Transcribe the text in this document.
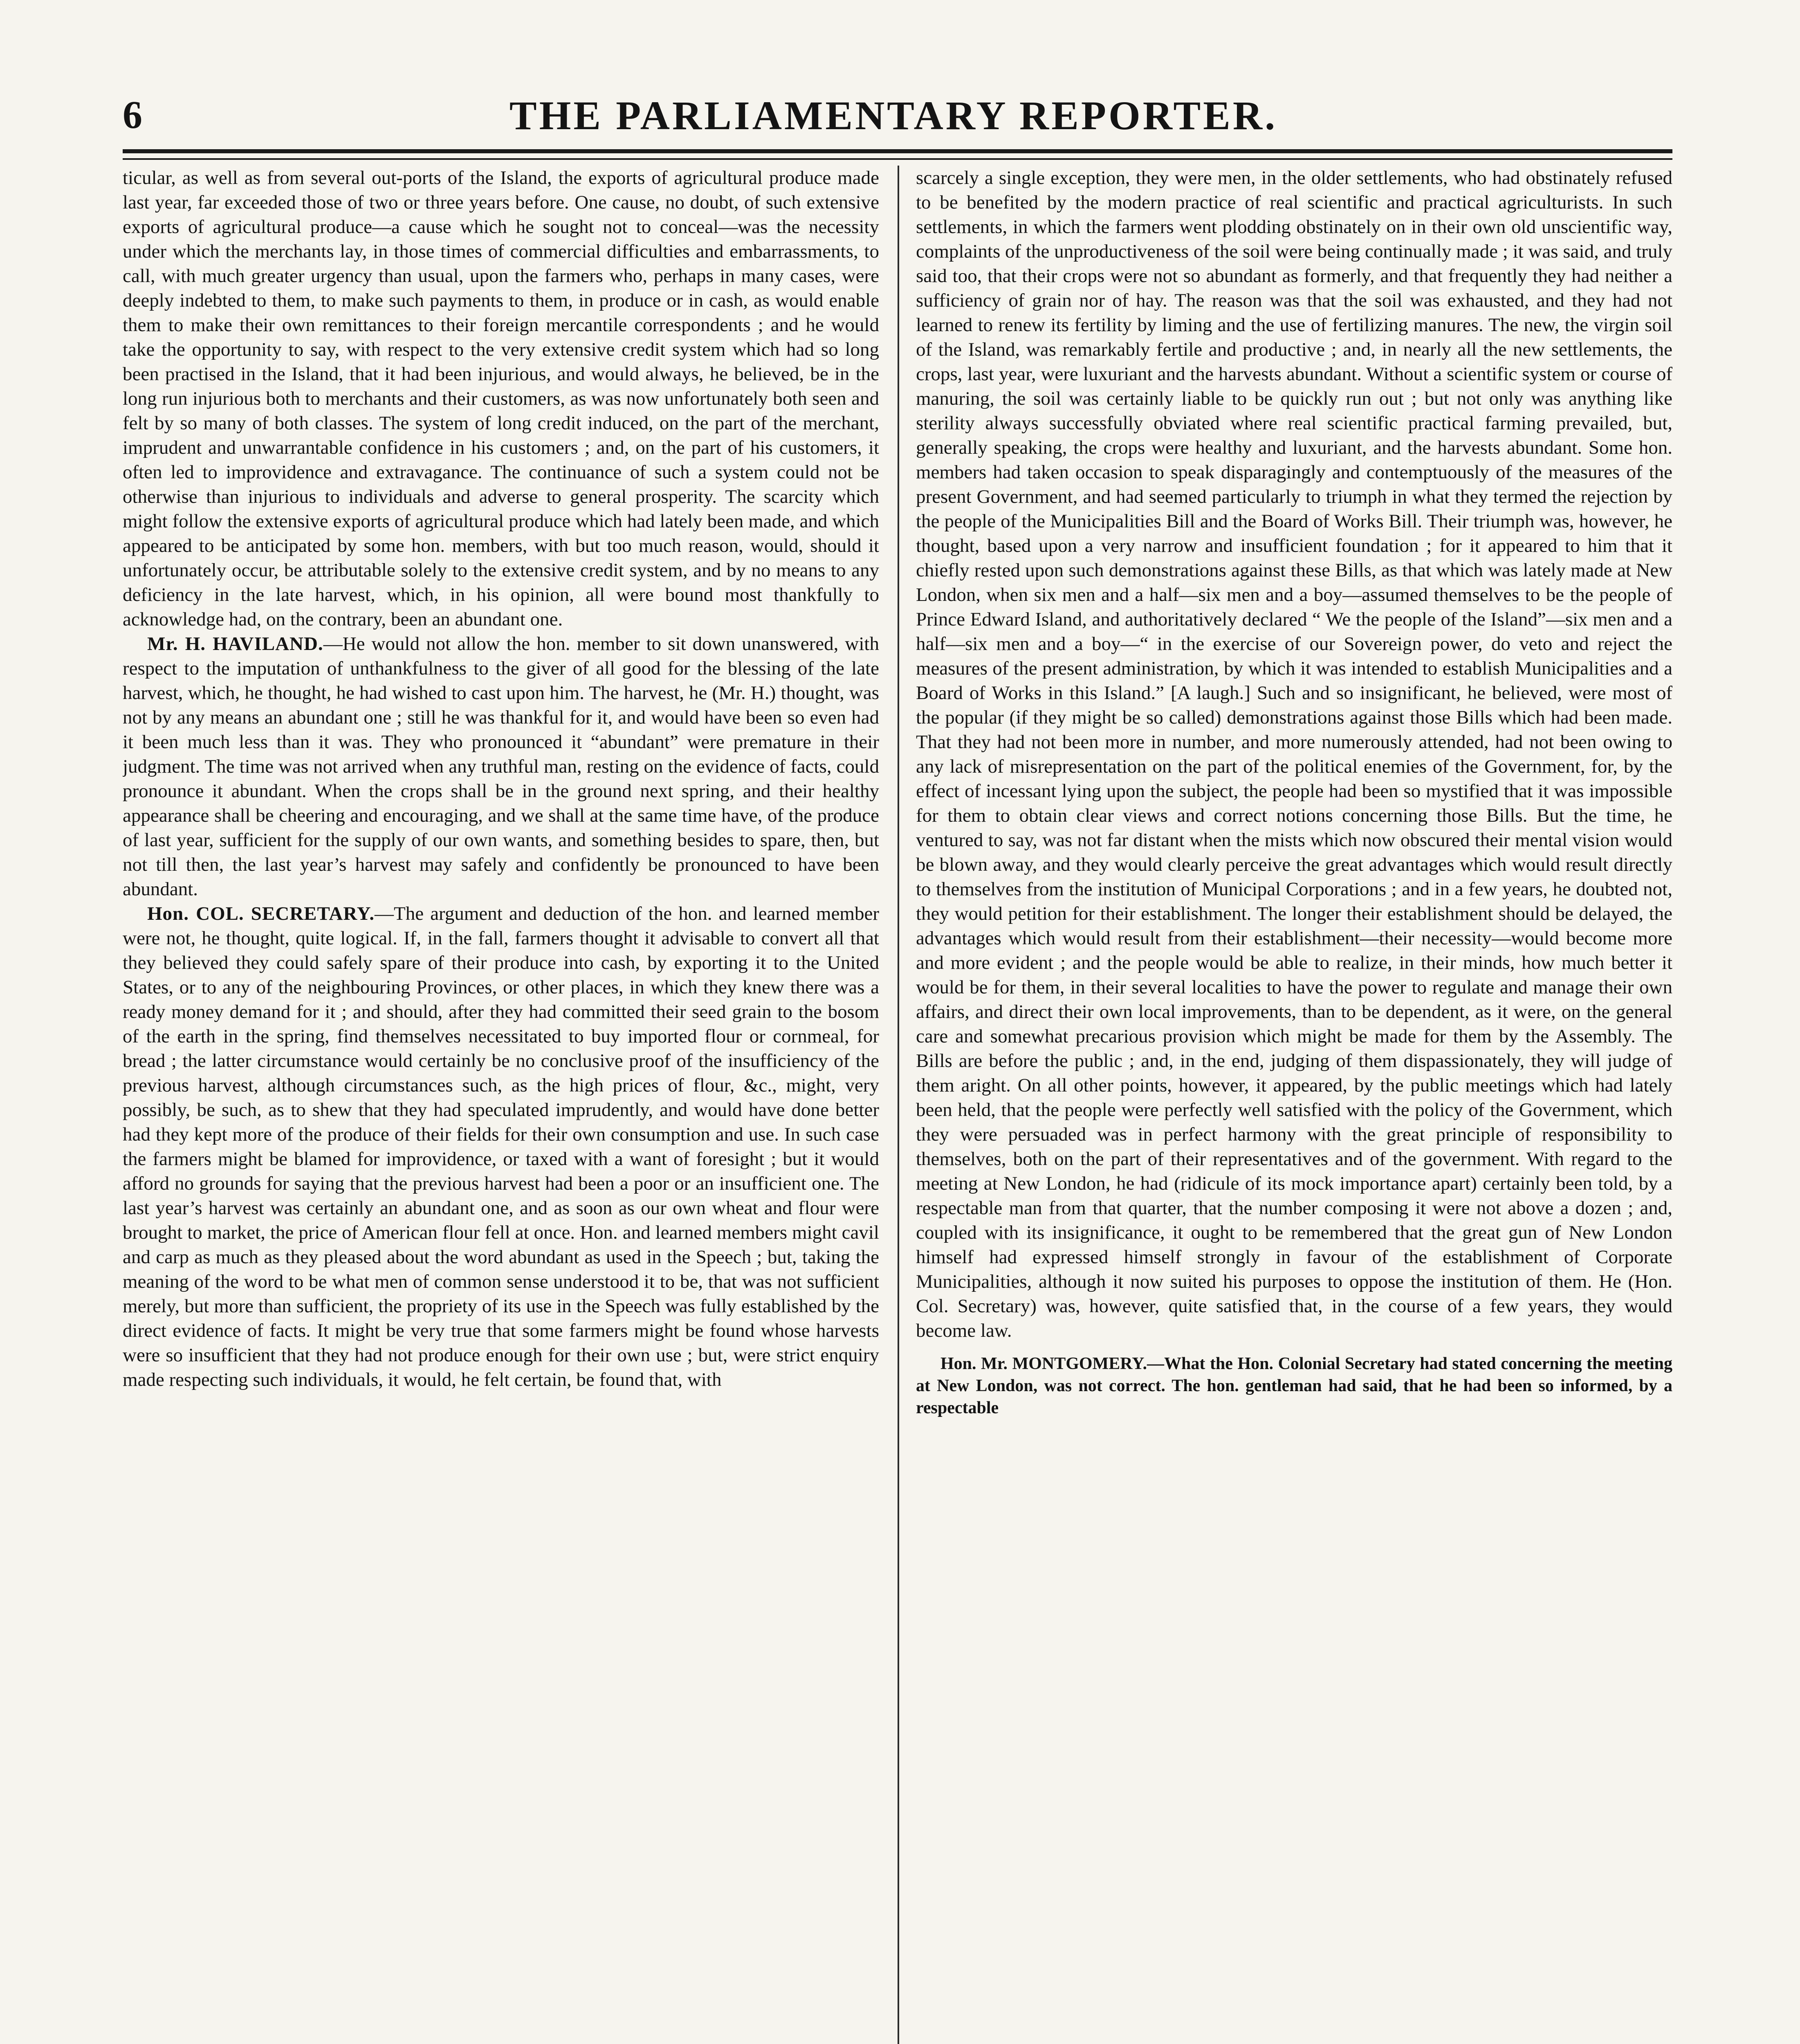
6	THE PARLIAMENTARY REPORTER.

ticular, as well as from several out-ports of the Island, the exports of agricultural produce made last year, far exceeded those of two or three years before. One cause, no doubt, of such extensive exports of agricultural produce—a cause which he sought not to conceal—was the necessity under which the merchants lay, in those times of commercial difficulties and embarrassments, to call, with much greater urgency than usual, upon the farmers who, perhaps in many cases, were deeply indebted to them, to make such payments to them, in produce or in cash, as would enable them to make their own remittances to their foreign mercantile correspondents ; and he would take the opportunity to say, with respect to the very extensive credit system which had so long been practised in the Island, that it had been injurious, and would always, he believed, be in the long run injurious both to merchants and their customers, as was now unfortunately both seen and felt by so many of both classes. The system of long credit induced, on the part of the merchant, imprudent and unwarrantable confidence in his customers ; and, on the part of his customers, it often led to improvidence and extravagance. The continuance of such a system could not be otherwise than injurious to individuals and adverse to general prosperity. The scarcity which might follow the extensive exports of agricultural produce which had lately been made, and which appeared to be anticipated by some hon. members, with but too much reason, would, should it unfortunately occur, be attributable solely to the extensive credit system, and by no means to any deficiency in the late harvest, which, in his opinion, all were bound most thankfully to acknowledge had, on the contrary, been an abundant one.

Mr. H. HAVILAND.—He would not allow the hon. member to sit down unanswered, with respect to the imputation of unthankfulness to the giver of all good for the blessing of the late harvest, which, he thought, he had wished to cast upon him. The harvest, he (Mr. H.) thought, was not by any means an abundant one ; still he was thankful for it, and would have been so even had it been much less than it was. They who pronounced it “abundant” were premature in their judgment. The time was not arrived when any truthful man, resting on the evidence of facts, could pronounce it abundant. When the crops shall be in the ground next spring, and their healthy appearance shall be cheering and encouraging, and we shall at the same time have, of the produce of last year, sufficient for the supply of our own wants, and something besides to spare, then, but not till then, the last year’s harvest may safely and confidently be pronounced to have been abundant.

Hon. COL. SECRETARY.—The argument and deduction of the hon. and learned member were not, he thought, quite logical. If, in the fall, farmers thought it advisable to convert all that they believed they could safely spare of their produce into cash, by exporting it to the United States, or to any of the neighbouring Provinces, or other places, in which they knew there was a ready money demand for it ; and should, after they had committed their seed grain to the bosom of the earth in the spring, find themselves necessitated to buy imported flour or cornmeal, for bread ; the latter circumstance would certainly be no conclusive proof of the insufficiency of the previous harvest, although circumstances such, as the high prices of flour, &c., might, very possibly, be such, as to shew that they had speculated imprudently, and would have done better had they kept more of the produce of their fields for their own consumption and use. In such case the farmers might be blamed for improvidence, or taxed with a want of foresight ; but it would afford no grounds for saying that the previous harvest had been a poor or an insufficient one. The last year’s harvest was certainly an abundant one, and as soon as our own wheat and flour were brought to market, the price of American flour fell at once. Hon. and learned members might cavil and carp as much as they pleased about the word abundant as used in the Speech ; but, taking the meaning of the word to be what men of common sense understood it to be, that was not sufficient merely, but more than sufficient, the propriety of its use in the Speech was fully established by the direct evidence of facts. It might be very true that some farmers might be found whose harvests were so insufficient that they had not produce enough for their own use ; but, were strict enquiry made respecting such individuals, it would, he felt certain, be found that, with

scarcely a single exception, they were men, in the older settlements, who had obstinately refused to be benefited by the modern practice of real scientific and practical agriculturists. In such settlements, in which the farmers went plodding obstinately on in their own old unscientific way, complaints of the unproductiveness of the soil were being continually made ; it was said, and truly said too, that their crops were not so abundant as formerly, and that frequently they had neither a sufficiency of grain nor of hay. The reason was that the soil was exhausted, and they had not learned to renew its fertility by liming and the use of fertilizing manures. The new, the virgin soil of the Island, was remarkably fertile and productive ; and, in nearly all the new settlements, the crops, last year, were luxuriant and the harvests abundant. Without a scientific system or course of manuring, the soil was certainly liable to be quickly run out ; but not only was anything like sterility always successfully obviated where real scientific practical farming prevailed, but, generally speaking, the crops were healthy and luxuriant, and the harvests abundant. Some hon. members had taken occasion to speak disparagingly and contemptuously of the measures of the present Government, and had seemed particularly to triumph in what they termed the rejection by the people of the Municipalities Bill and the Board of Works Bill. Their triumph was, however, he thought, based upon a very narrow and insufficient foundation ; for it appeared to him that it chiefly rested upon such demonstrations against these Bills, as that which was lately made at New London, when six men and a half—six men and a boy—assumed themselves to be the people of Prince Edward Island, and authoritatively declared “ We the people of the Island”—six men and a half—six men and a boy—“ in the exercise of our Sovereign power, do veto and reject the measures of the present administration, by which it was intended to establish Municipalities and a Board of Works in this Island.” [A laugh.] Such and so insignificant, he believed, were most of the popular (if they might be so called) demonstrations against those Bills which had been made. That they had not been more in number, and more numerously attended, had not been owing to any lack of misrepresentation on the part of the political enemies of the Government, for, by the effect of incessant lying upon the subject, the people had been so mystified that it was impossible for them to obtain clear views and correct notions concerning those Bills. But the time, he ventured to say, was not far distant when the mists which now obscured their mental vision would be blown away, and they would clearly perceive the great advantages which would result directly to themselves from the institution of Municipal Corporations ; and in a few years, he doubted not, they would petition for their establishment. The longer their establishment should be delayed, the advantages which would result from their establishment—their necessity—would become more and more evident ; and the people would be able to realize, in their minds, how much better it would be for them, in their several localities to have the power to regulate and manage their own affairs, and direct their own local improvements, than to be dependent, as it were, on the general care and somewhat precarious provision which might be made for them by the Assembly. The Bills are before the public ; and, in the end, judging of them dispassionately, they will judge of them aright. On all other points, however, it appeared, by the public meetings which had lately been held, that the people were perfectly well satisfied with the policy of the Government, which they were persuaded was in perfect harmony with the great principle of responsibility to themselves, both on the part of their representatives and of the government. With regard to the meeting at New London, he had (ridicule of its mock importance apart) certainly been told, by a respectable man from that quarter, that the number composing it were not above a dozen ; and, coupled with its insignificance, it ought to be remembered that the great gun of New London himself had expressed himself strongly in favour of the establishment of Corporate Municipalities, although it now suited his purposes to oppose the institution of them. He (Hon. Col. Secretary) was, however, quite satisfied that, in the course of a few years, they would become law.

Hon. Mr. MONTGOMERY.—What the Hon. Colonial Secretary had stated concerning the meeting at New London, was not correct. The hon. gentleman had said, that he had been so informed, by a respectable
